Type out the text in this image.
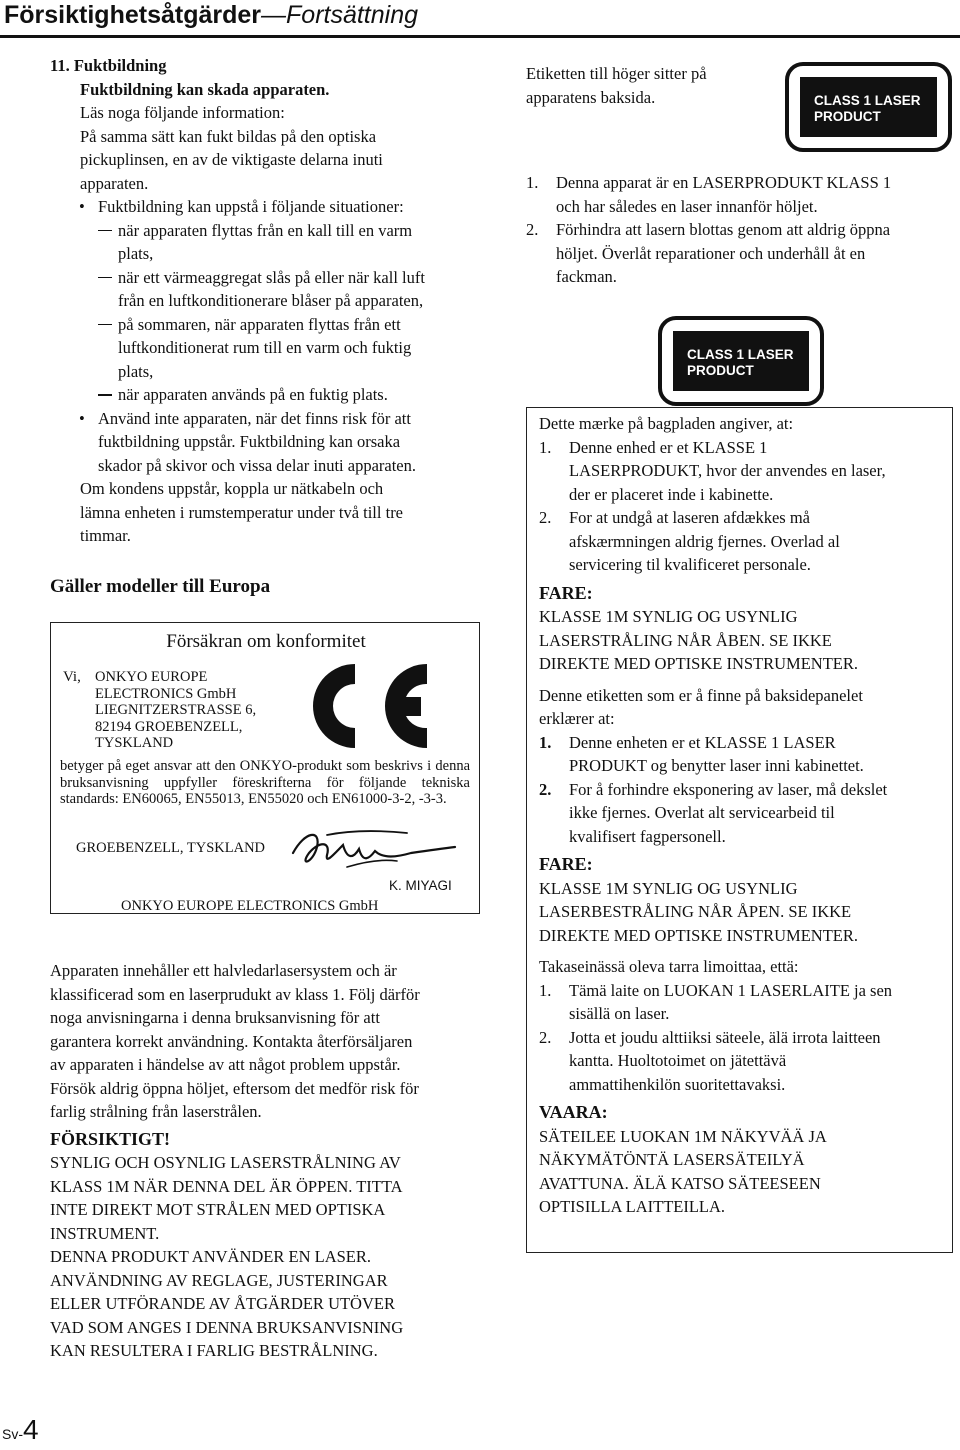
Försiktighetsåtgärder—Fortsättning
11. Fuktbildning
Fuktbildning kan skada apparaten.
Läs noga följande information:
På samma sätt kan fukt bildas på den optiska
pickuplinsen, en av de viktigaste delarna inuti
apparaten.
• Fuktbildning kan uppstå i följande situationer:
när apparaten flyttas från en kall till en varm
plats,
när ett värmeaggregat slås på eller när kall luft
från en luftkonditionerare blåser på apparaten,
på sommaren, när apparaten flyttas från ett
luftkonditionerat rum till en varm och fuktig
plats,
när apparaten används på en fuktig plats.
• Använd inte apparaten, när det finns risk för att
fuktbildning uppstår. Fuktbildning kan orsaka
skador på skivor och vissa delar inuti apparaten.
Om kondens uppstår, koppla ur nätkabeln och
lämna enheten i rumstemperatur under två till tre
timmar.
Gäller modeller till Europa
Försäkran om konformitet
Vi, ONKYO EUROPE
ELECTRONICS GmbH
LIEGNITZERSTRASSE 6,
82194 GROEBENZELL,
TYSKLAND
betyger på eget ansvar att den ONKYO-produkt som beskrivs i denna bruksanvisning uppfyller föreskrifterna för följande tekniska standards: EN60065, EN55013, EN55020 och EN61000-3-2, -3-3.
GROEBENZELL, TYSKLAND
K. MIYAGI
ONKYO EUROPE ELECTRONICS GmbH
Apparaten innehåller ett halvledarlasersystem och är
klassificerad som en laserprudukt av klass 1. Följ därför
noga anvisningarna i denna bruksanvisning för att
garantera korrekt användning. Kontakta återförsäljaren
av apparaten i händelse av att något problem uppstår.
Försök aldrig öppna höljet, eftersom det medför risk för
farlig strålning från laserstrålen.
FÖRSIKTIGT!
SYNLIG OCH OSYNLIG LASERSTRÅLNING AV
KLASS 1M NÄR DENNA DEL ÄR ÖPPEN. TITTA
INTE DIREKT MOT STRÅLEN MED OPTISKA
INSTRUMENT.
DENNA PRODUKT ANVÄNDER EN LASER.
ANVÄNDNING AV REGLAGE, JUSTERINGAR
ELLER UTFÖRANDE AV ÅTGÄRDER UTÖVER
VAD SOM ANGES I DENNA BRUKSANVISNING
KAN RESULTERA I FARLIG BESTRÅLNING.
Etiketten till höger sitter på
apparatens baksida.	CLASS 1 LASER
PRODUCT
1. Denna apparat är en LASERPRODUKT KLASS 1
och har således en laser innanför höljet.
2. Förhindra att lasern blottas genom att aldrig öppna
höljet. Överlåt reparationer och underhåll åt en
fackman.
CLASS 1 LASER
PRODUCT
Dette mærke på bagpladen angiver, at:
1. Denne enhed er et KLASSE 1
LASERPRODUKT, hvor der anvendes en laser,
der er placeret inde i kabinette.
2. For at undgå at laseren afdækkes må
afskærmningen aldrig fjernes. Overlad al
servicering til kvalificeret personale.
FARE:
KLASSE 1M SYNLIG OG USYNLIG
LASERSTRÅLING NÅR ÅBEN. SE IKKE
DIREKTE MED OPTISKE INSTRUMENTER.
Denne etiketten som er å finne på baksidepanelet
erklærer at:
1. Denne enheten er et KLASSE 1 LASER
PRODUKT og benytter laser inni kabinettet.
2. For å forhindre eksponering av laser, må dekslet
ikke fjernes. Overlat alt servicearbeid til
kvalifisert fagpersonell.
FARE:
KLASSE 1M SYNLIG OG USYNLIG
LASERBESTRÅLING NÅR ÅPEN. SE IKKE
DIREKTE MED OPTISKE INSTRUMENTER.
Takaseinässä oleva tarra limoittaa, että:
1. Tämä laite on LUOKAN 1 LASERLAITE ja sen
sisällä on laser.
2. Jotta et joudu alttiiksi säteele, älä irrota laitteen
kantta. Huoltotoimet on jätettävä
ammattihenkilön suoritettavaksi.
VAARA:
SÄTEILEE LUOKAN 1M NÄKYVÄÄ JA
NÄKYMÄTÖNTÄ LASERSÄTEILYÄ
AVATTUNA. ÄLÄ KATSO SÄTEESEEN
OPTISILLA LAITTEILLA.
Sv-4
